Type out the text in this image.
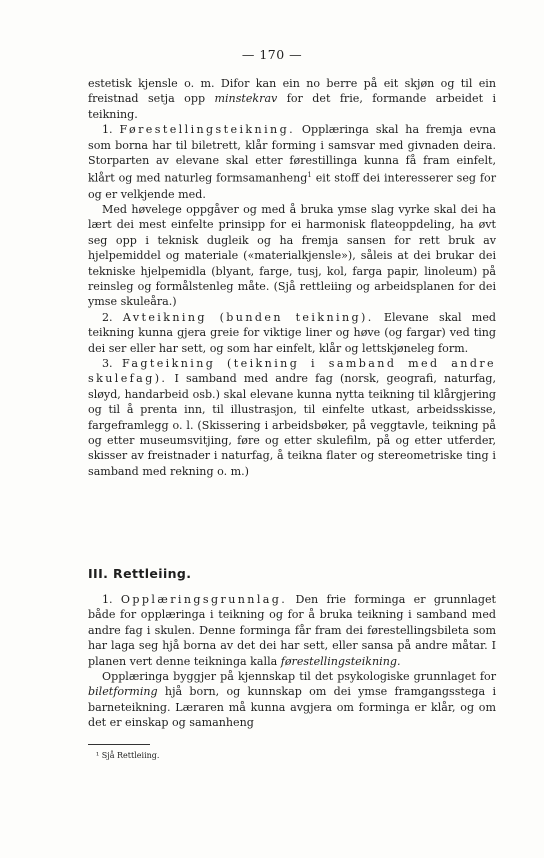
— 170 —

estetisk kjensle o. m. Difor kan ein no berre på eit skjøn og til ein freistnad setja opp minstekrav for det frie, formande arbeidet i teikning.

1. Førestellingsteikning. Opplæringa skal ha fremja evna som borna har til biletrett, klår forming i samsvar med givnaden deira. Storparten av elevane skal etter førestillinga kunna få fram einfelt, klårt og med naturleg formsamanheng$^1$ eit stoff dei interesserer seg for og er velkjende med.

Med høvelege oppgåver og med å bruka ymse slag vyrke skal dei ha lært dei mest einfelte prinsipp for ei harmonisk flateoppdeling, ha øvt seg opp i teknisk dugleik og ha fremja sansen for rett bruk av hjelpemiddel og materiale («materialkjensle»), såleis at dei brukar dei tekniske hjelpemidla (blyant, farge, tusj, kol, farga papir, linoleum) på reinsleg og formålstenleg måte. (Sjå rettleiing og arbeidsplanen for dei ymse skuleåra.)

2. Avteikning (bunden teikning). Elevane skal med teikning kunna gjera greie for viktige liner og høve (og fargar) ved ting dei ser eller har sett, og som har einfelt, klår og lettskjøneleg form.

3. Fagteikning (teikning i samband med andre skulefag). I samband med andre fag (norsk, geografi, naturfag, sløyd, handarbeid osb.) skal elevane kunna nytta teikning til klårgjering og til å prenta inn, til illustrasjon, til einfelte utkast, arbeidsskisse, fargeframlegg o. l. (Skissering i arbeidsbøker, på veggtavle, teikning på og etter museumsvitjing, føre og etter skulefilm, på og etter utferder, skisser av freistnader i naturfag, å teikna flater og stereometriske ting i samband med rekning o. m.)

III. Rettleiing.

1. Opplæringsgrunnlag. Den frie forminga er grunnlaget både for opplæringa i teikning og for å bruka teikning i samband med andre fag i skulen. Denne forminga får fram dei førestellingsbileta som har laga seg hjå borna av det dei har sett, eller sansa på andre måtar. I planen vert denne teikninga kalla førestellingsteikning.

Opplæringa byggjer på kjennskap til det psykologiske grunnlaget for biletforming hjå born, og kunnskap om dei ymse framgangsstega i barneteikning. Læraren må kunna avgjera om forminga er klår, og om det er einskap og samanheng

¹ Sjå Rettleiing.
